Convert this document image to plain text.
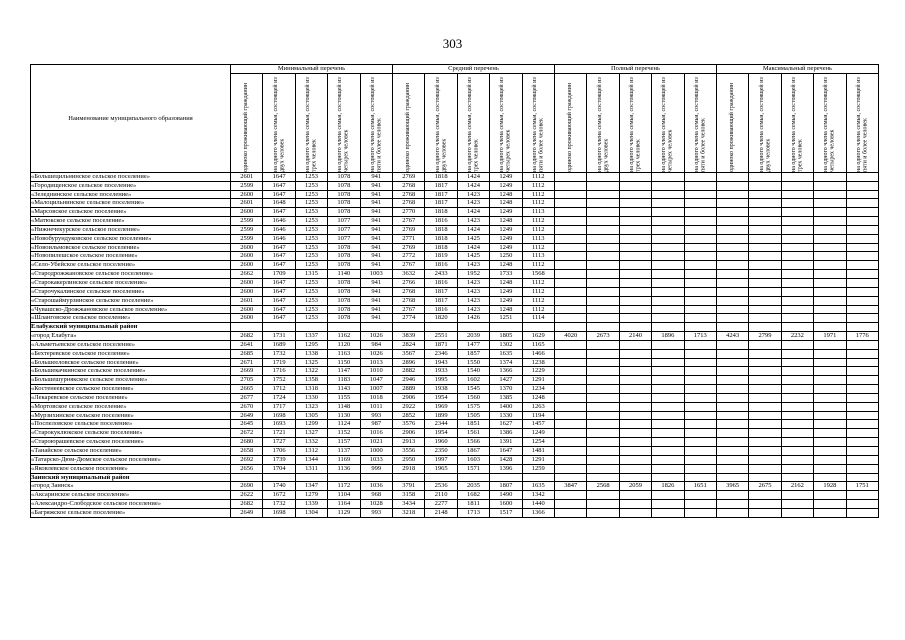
303
Наименование муниципального образования	Минимальный перечень					Средний перечень					Полный перечень					Максимальный перечень				

	одиноко проживающий гражданин	на одного члена семьи, состоящей из двух человек	на одного члена семьи, состоящей из трех человек	на одного члена семьи, состоящей из четырех человек	на одного члена семьи, состоящей из пяти и более человек	одиноко проживающий гражданин	на одного члена семьи, состоящей из двух человек	на одного члена семьи, состоящей из трех человек	на одного члена семьи, состоящей из четырех человек	на одного члена семьи, состоящей из пяти и более человек	одиноко проживающий гражданин	на одного члена семьи, состоящей из двух человек	на одного члена семьи, состоящей из трех человек	на одного члена семьи, состоящей из четырех человек	на одного члена семьи, состоящей из пяти и более человек	одиноко проживающий гражданин	на одного члена семьи, состоящей из двух человек	на одного члена семьи, состоящей из трех человек	на одного члена семьи, состоящей из четырех человек	на одного члена семьи, состоящей из пяти и более человек

«Большецильнинское сельское поселение»	2601	1647	1253	1078	941	2769	1818	1424	1249	1112										
«Городищенское сельское поселение»	2599	1647	1253	1078	941	2768	1817	1424	1249	1112										
«Зеледнинское сельское поселение»	2600	1647	1253	1078	941	2768	1817	1423	1248	1112										
«Малоцильнинское сельское поселение»	2601	1648	1253	1078	941	2768	1817	1423	1248	1112										
«Марсовское сельское поселение»	2600	1647	1253	1078	941	2770	1818	1424	1249	1113										
«Матюкское сельское поселение»	2599	1646	1253	1077	941	2767	1816	1423	1248	1112										
«Нижнечекурское сельское поселение»	2599	1646	1253	1077	941	2769	1818	1424	1249	1112										
«Новобурундуковское сельское поселение»	2599	1646	1253	1077	941	2771	1818	1425	1249	1113										
«Новоильмовское сельское поселение»	2600	1647	1253	1078	941	2769	1818	1424	1249	1112										
«Новопилешское сельское поселение»	2600	1647	1253	1078	941	2772	1819	1425	1250	1113										
«Село-Убейское сельское поселение»	2600	1647	1253	1078	941	2767	1816	1423	1248	1112										
«Стародрожжановское сельское поселение»	2662	1709	1315	1140	1003	3632	2433	1952	1733	1568										
«Старокакерлинское сельское поселение»	2600	1647	1253	1078	941	2766	1816	1423	1248	1112										
«Старочукалинское сельское поселение»	2600	1647	1253	1078	941	2768	1817	1423	1249	1112										
«Старошаймурзинское сельское поселение»	2601	1647	1253	1078	941	2768	1817	1423	1249	1112										
«Чувашско-Дрожжановское сельское поселение»	2600	1647	1253	1078	941	2767	1816	1423	1248	1112										
«Шланговское сельское поселение»	2600	1647	1253	1078	941	2774	1820	1426	1251	1114										
Елабужский муниципальный район																				
«город Елабуга»	2682	1731	1337	1162	1026	3839	2551	2039	1805	1629	4020	2673	2140	1896	1713	4243	2799	2232	1971	1776
«Альметьевское сельское поселение»	2641	1689	1295	1120	984	2824	1871	1477	1302	1165										
«Бехтеревское сельское поселение»	2685	1732	1338	1163	1026	3567	2346	1857	1635	1466										
«Большееловское сельское поселение»	2671	1719	1325	1150	1013	2896	1943	1550	1374	1238										
«Большекачкинское сельское поселение»	2669	1716	1322	1147	1010	2882	1933	1540	1366	1229										
«Большешурнякское сельское поселение»	2705	1752	1358	1183	1047	2946	1995	1602	1427	1291										
«Костенеевское сельское поселение»	2665	1712	1318	1143	1007	2889	1938	1545	1370	1234										
«Лекаревское сельское поселение»	2677	1724	1330	1155	1018	2906	1954	1560	1385	1248										
«Мортовское сельское поселение»	2670	1717	1323	1148	1011	2922	1969	1575	1400	1263										
«Мурзихинское сельское поселение»	2649	1698	1305	1130	993	2852	1899	1505	1330	1194										
«Поспеловское сельское поселение»	2645	1693	1299	1124	987	3576	2344	1851	1627	1457										
«Старокуклюкское сельское поселение»	2672	1721	1327	1152	1016	2906	1954	1561	1386	1249										
«Староюрашевское сельское поселение»	2680	1727	1332	1157	1021	2913	1960	1566	1391	1254										
«Танайское сельское поселение»	2658	1706	1312	1137	1000	3556	2350	1867	1647	1481										
«Татарско-Дюм-Дюмское сельское поселение»	2692	1739	1344	1169	1033	2950	1997	1603	1428	1291										
«Яковлевское сельское поселение»	2656	1704	1311	1136	999	2918	1965	1571	1396	1259										
Заинский муниципальный район																				
«город Заинск»	2690	1740	1347	1172	1036	3791	2536	2035	1807	1635	3847	2568	2059	1826	1651	3965	2675	2162	1928	1751
«Аксаринское сельское поселение»	2622	1672	1279	1104	968	3158	2110	1682	1490	1342										
«Александро-Слободское сельское поселение»	2682	1732	1339	1164	1028	3434	2277	1811	1600	1440										
«Багряжское сельское поселение»	2649	1698	1304	1129	993	3218	2148	1713	1517	1366										
